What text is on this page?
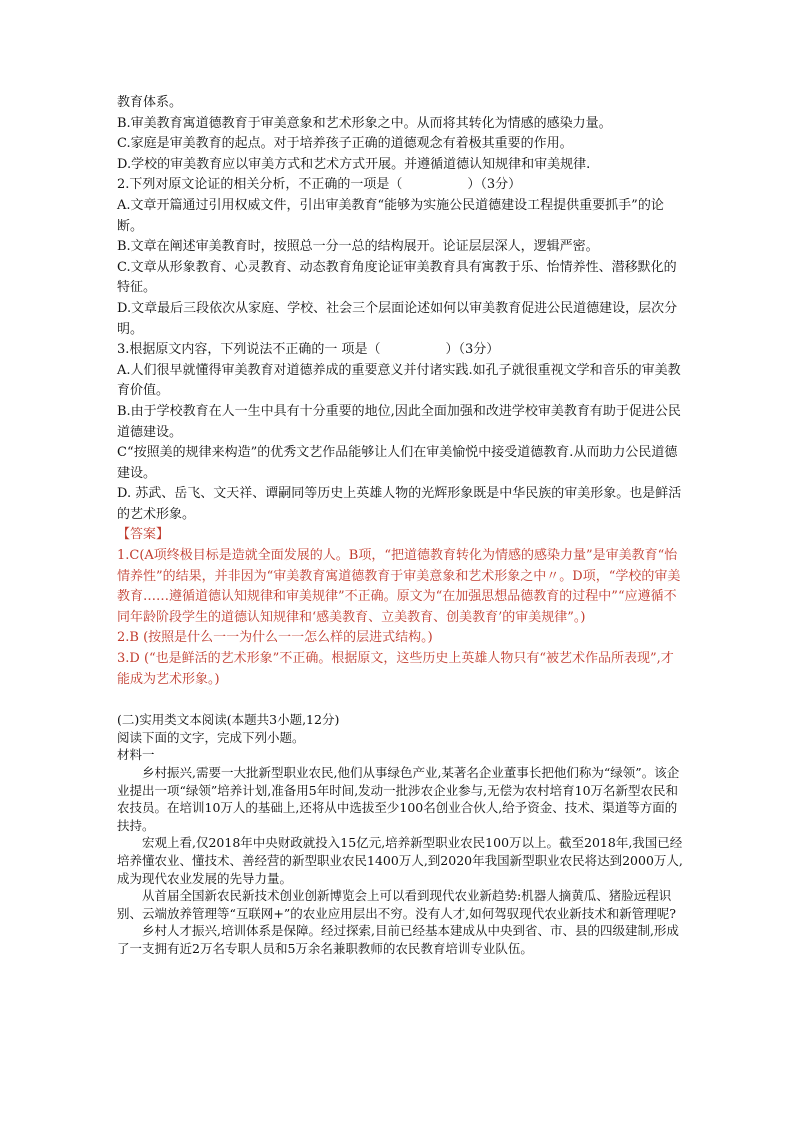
教育体系。

B.审美教育寓道德教育于审美意象和艺术形象之中。从而将其转化为情感的感染力量。

C.家庭是审美教育的起点。对于培养孩子正确的道德观念有着极其重要的作用。

D.学校的审美教育应以审美方式和艺术方式开展。并遵循道德认知规律和审美规律.

2.下列对原文论证的相关分析，不正确的一项是（　　　　　）（3分）

A.文章开篇通过引用权威文件，引出审美教育“能够为实施公民道德建设工程提供重要抓手”的论断。

B.文章在阐述审美教育时，按照总一分一总的结构展开。论证层层深人，逻辑严密。

C.文章从形象教育、心灵教育、动态教育角度论证审美教育具有寓教于乐、怡情养性、潜移默化的特征。

D.文章最后三段依次从家庭、学校、社会三个层面论述如何以审美教育促进公民道德建设，层次分明。

3.根据原文内容，下列说法不正确的一 项是（　　　　　）（3分）

A.人们很早就懂得审美教育对道德养成的重要意义并付诸实践.如孔子就很重视文学和音乐的审美教育价值。

B.由于学校教育在人一生中具有十分重要的地位,因此全面加强和改进学校审美教育有助于促进公民道德建设。

C“按照美的规律来构造”的优秀文艺作品能够让人们在审美愉悦中接受道德教育.从而助力公民道德建设。

D. 苏武、岳飞、文天祥、谭嗣同等历史上英雄人物的光辉形象既是中华民族的审美形象。也是鲜活的艺术形象。

【答案】

1.C(A项终极目标是造就全面发展的人。B项，“把道德教育转化为情感的感染力量”是审美教育“怡情养性”的结果，并非因为“审美教育寓道德教育于审美意象和艺术形象之中〃。D项，“学校的审美教育……遵循道德认知规律和审美规律”不正确。原文为“在加强思想品德教育的过程中”“应遵循不同年龄阶段学生的道德认知规律和‘感美教育、立美教育、创美教育’的审美规律”。)

2.B (按照是什么一一为什么一一怎么样的层进式结构。)

3.D (“也是鲜活的艺术形象”不正确。根据原文，这些历史上英雄人物只有“被艺术作品所表现”,才能成为艺术形象。)

(二)实用类文本阅读(本题共3小题,12分)

阅读下面的文字，完成下列小题。

材料一

乡村振兴,需要一大批新型职业农民,他们从事绿色产业,某著名企业董事长把他们称为“绿领”。该企业提出一项“绿领”培养计划,准备用5年时间,发动一批涉农企业参与,无偿为农村培育10万名新型农民和农技员。在培训10万人的基础上,还将从中选拔至少100名创业合伙人,给予资金、技术、渠道等方面的扶持。

宏观上看,仅2018年中央财政就投入15亿元,培养新型职业农民100万以上。截至2018年,我国已经培养懂农业、懂技术、善经营的新型职业农民1400万人,到2020年我国新型职业农民将达到2000万人,成为现代农业发展的先导力量。

从首届全国新农民新技术创业创新博览会上可以看到现代农业新趋势:机器人摘黄瓜、猪脸远程识别、云端放养管理等“互联网+”的农业应用层出不穷。没有人才,如何驾驭现代农业新技术和新管理呢?

乡村人才振兴,培训体系是保障。经过探索,目前已经基本建成从中央到省、市、县的四级建制,形成了一支拥有近2万名专职人员和5万余名兼职教师的农民教育培训专业队伍。
